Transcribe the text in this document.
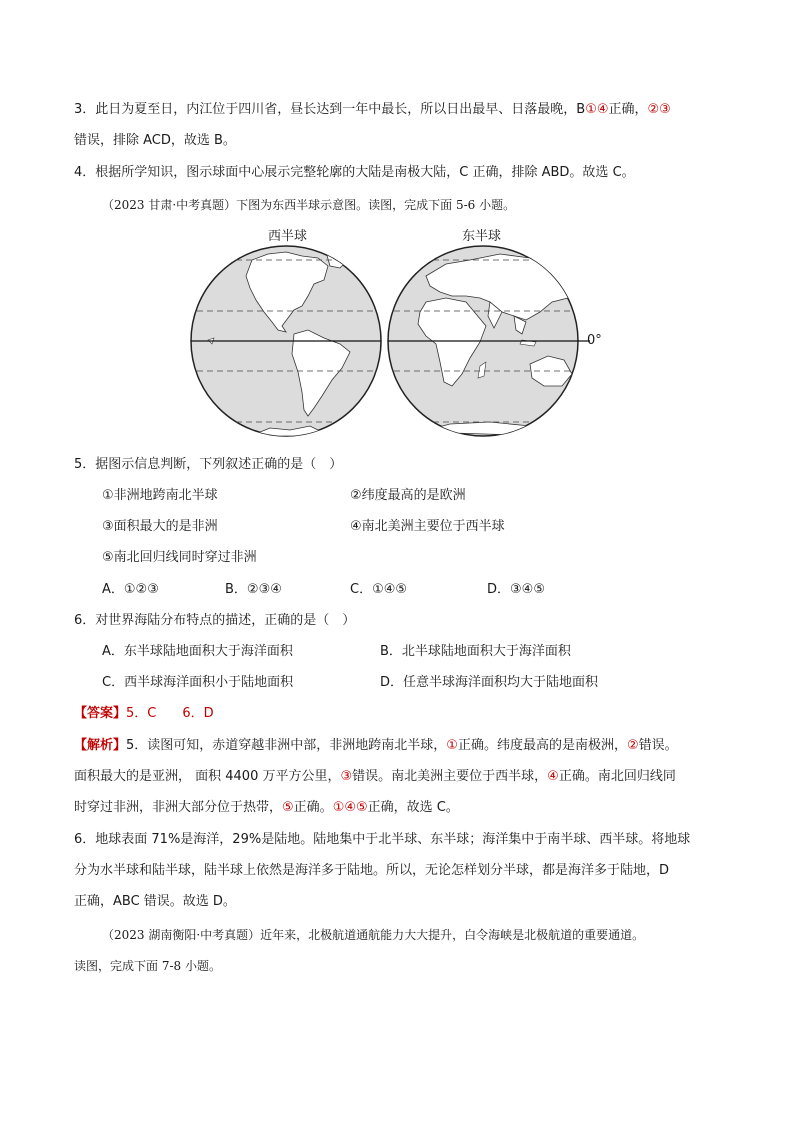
3．此日为夏至日，内江位于四川省，昼长达到一年中最长，所以日出最早、日落最晚，B①④正确，②③
错误，排除 ACD，故选 B。
4．根据所学知识，图示球面中心展示完整轮廓的大陆是南极大陆，C 正确，排除 ABD。故选 C。
（2023 甘肃·中考真题）下图为东西半球示意图。读图，完成下面 5-6 小题。
西半球	东半球
0°
5．据图示信息判断，下列叙述正确的是（　）
①非洲地跨南北半球	②纬度最高的是欧洲
③面积最大的是非洲	④南北美洲主要位于西半球
⑤南北回归线同时穿过非洲
A．①②③	B．②③④	C．①④⑤	D．③④⑤
6．对世界海陆分布特点的描述，正确的是（　）
A．东半球陆地面积大于海洋面积	B．北半球陆地面积大于海洋面积
C．西半球海洋面积小于陆地面积	D．任意半球海洋面积均大于陆地面积
【答案】5．C　　6．D
【解析】5．读图可知，赤道穿越非洲中部，非洲地跨南北半球，①正确。纬度最高的是南极洲，②错误。
面积最大的是亚洲， 面积 4400 万平方公里，③错误。南北美洲主要位于西半球，④正确。南北回归线同
时穿过非洲，非洲大部分位于热带，⑤正确。①④⑤正确，故选 C。
6．地球表面 71%是海洋，29%是陆地。陆地集中于北半球、东半球；海洋集中于南半球、西半球。将地球
分为水半球和陆半球，陆半球上依然是海洋多于陆地。所以，无论怎样划分半球，都是海洋多于陆地，D
正确，ABC 错误。故选 D。
（2023 湖南衡阳·中考真题）近年来，北极航道通航能力大大提升，白令海峡是北极航道的重要通道。
读图，完成下面 7-8 小题。
